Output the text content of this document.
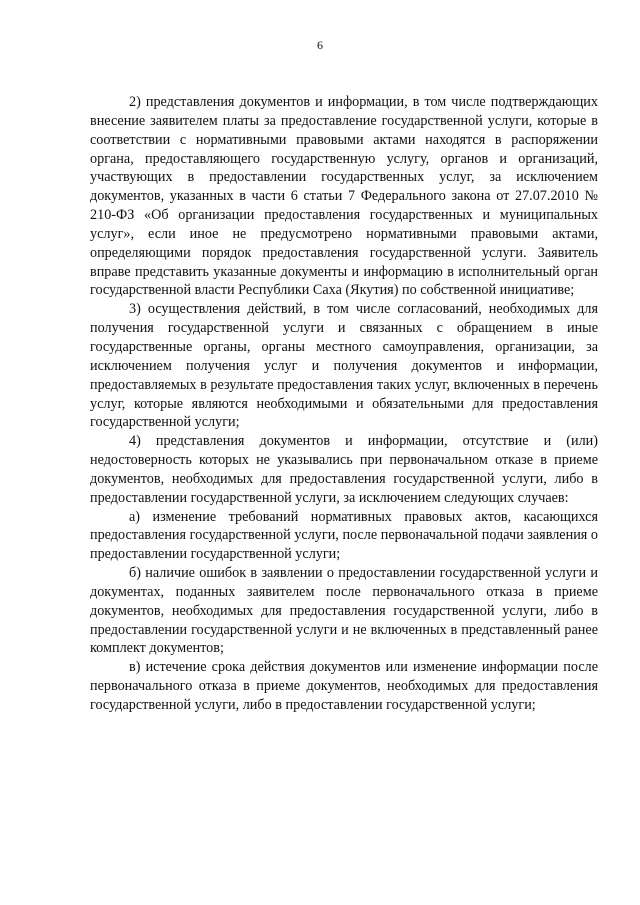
6

2) представления документов и информации, в том числе подтверждающих внесение заявителем платы за предоставление государственной услуги, которые в соответствии с нормативными правовыми актами находятся в распоряжении органа, предоставляющего государственную услугу, органов и организаций, участвующих в предоставлении государственных услуг, за исключением документов, указанных в части 6 статьи 7 Федерального закона от 27.07.2010 № 210-ФЗ «Об организации предоставления государственных и муниципальных услуг», если иное не предусмотрено нормативными правовыми актами, определяющими порядок предоставления государственной услуги. Заявитель вправе представить указанные документы и информацию в исполнительный орган государственной власти Республики Саха (Якутия) по собственной инициативе;

3) осуществления действий, в том числе согласований, необходимых для получения государственной услуги и связанных с обращением в иные государственные органы, органы местного самоуправления, организации, за исключением получения услуг и получения документов и информации, предоставляемых в результате предоставления таких услуг, включенных в перечень услуг, которые являются необходимыми и обязательными для предоставления государственной услуги;

4) представления документов и информации, отсутствие и (или) недостоверность которых не указывались при первоначальном отказе в приеме документов, необходимых для предоставления государственной услуги, либо в предоставлении государственной услуги, за исключением следующих случаев:

а) изменение требований нормативных правовых актов, касающихся предоставления государственной услуги, после первоначальной подачи заявления о предоставлении государственной услуги;

б) наличие ошибок в заявлении о предоставлении государственной услуги и документах, поданных заявителем после первоначального отказа в приеме документов, необходимых для предоставления государственной услуги, либо в предоставлении государственной услуги и не включенных в представленный ранее комплект документов;

в) истечение срока действия документов или изменение информации после первоначального отказа в приеме документов, необходимых для предоставления государственной услуги, либо в предоставлении государственной услуги;
